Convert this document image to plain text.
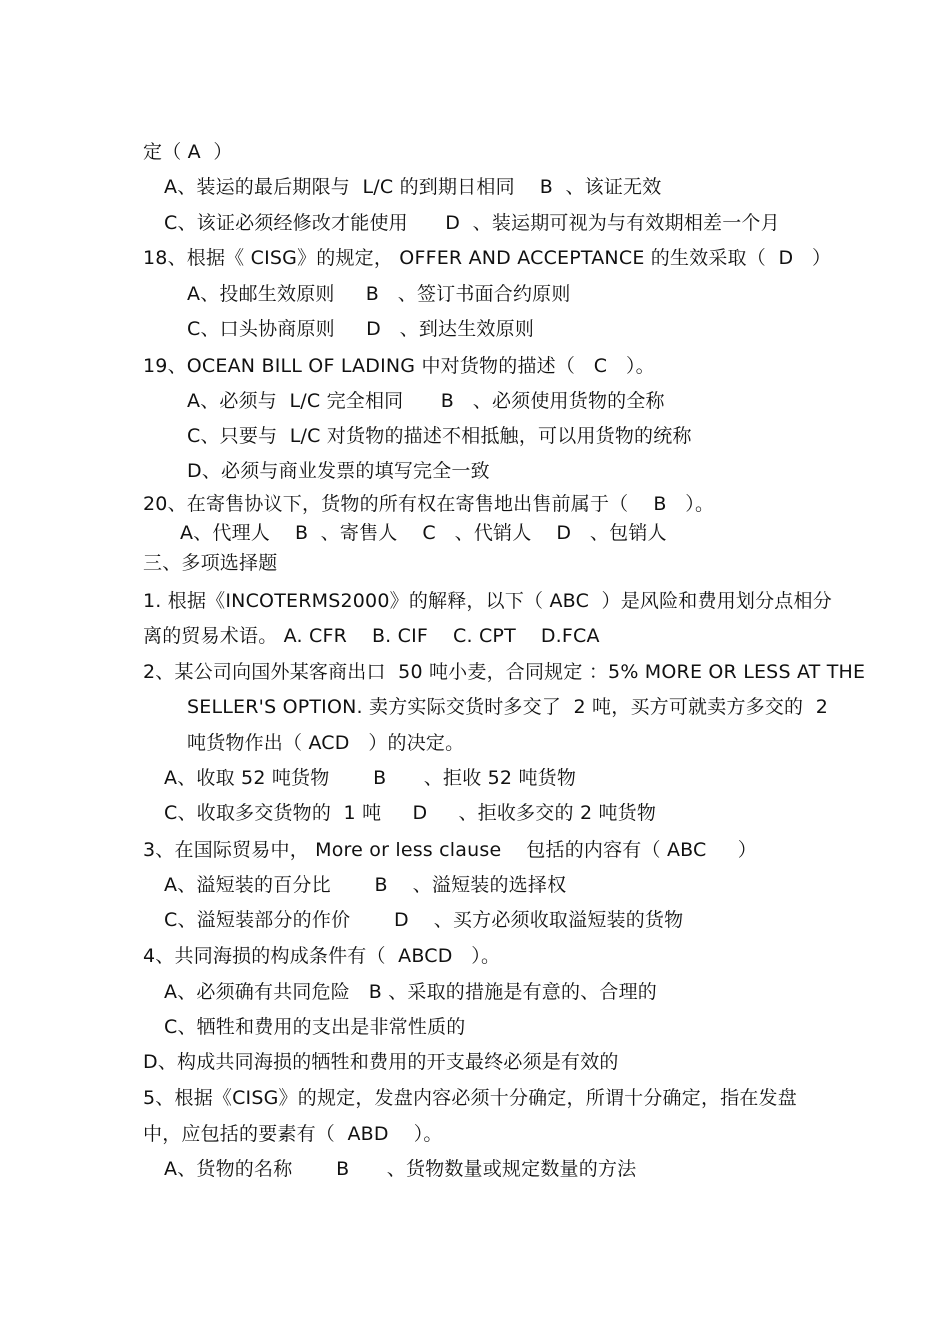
定（ A  ）
A、装运的最后期限与  L/C 的到期日相同    B  、该证无效
C、该证必须经修改才能使用      D  、装运期可视为与有效期相差一个月
18、根据《 CISG》的规定， OFFER AND ACCEPTANCE 的生效采取（  D   ）
A、投邮生效原则     B   、签订书面合约原则
C、口头协商原则     D   、到达生效原则
19、OCEAN BILL OF LADING 中对货物的描述（   C   ）。
A、必须与  L/C 完全相同      B   、必须使用货物的全称
C、只要与  L/C 对货物的描述不相抵触，可以用货物的统称
D、必须与商业发票的填写完全一致
20、在寄售协议下，货物的所有权在寄售地出售前属于（    B   ）。
A、代理人    B  、寄售人    C   、代销人    D   、包销人
三、多项选择题
1. 根据《INCOTERMS2000》的解释，以下（ ABC  ）是风险和费用划分点相分
离的贸易术语。 A. CFR    B. CIF    C. CPT    D.FCA
2、某公司向国外某客商出口  50 吨小麦，合同规定 ：5% MORE OR LESS AT THE
SELLER'S OPTION. 卖方实际交货时多交了  2 吨，买方可就卖方多交的  2
吨货物作出（ ACD   ）的决定。
A、收取 52 吨货物       B      、拒收 52 吨货物
C、收取多交货物的  1 吨     D     、拒收多交的 2 吨货物
3、在国际贸易中， More or less clause    包括的内容有（ ABC     ）
A、溢短装的百分比       B    、溢短装的选择权
C、溢短装部分的作价       D    、买方必须收取溢短装的货物
4、共同海损的构成条件有（  ABCD   ）。
A、必须确有共同危险   B 、采取的措施是有意的、合理的
C、牺牲和费用的支出是非常性质的
D、构成共同海损的牺牲和费用的开支最终必须是有效的
5、根据《CISG》的规定，发盘内容必须十分确定，所谓十分确定，指在发盘
中，应包括的要素有（  ABD    ）。
A、货物的名称       B      、货物数量或规定数量的方法
